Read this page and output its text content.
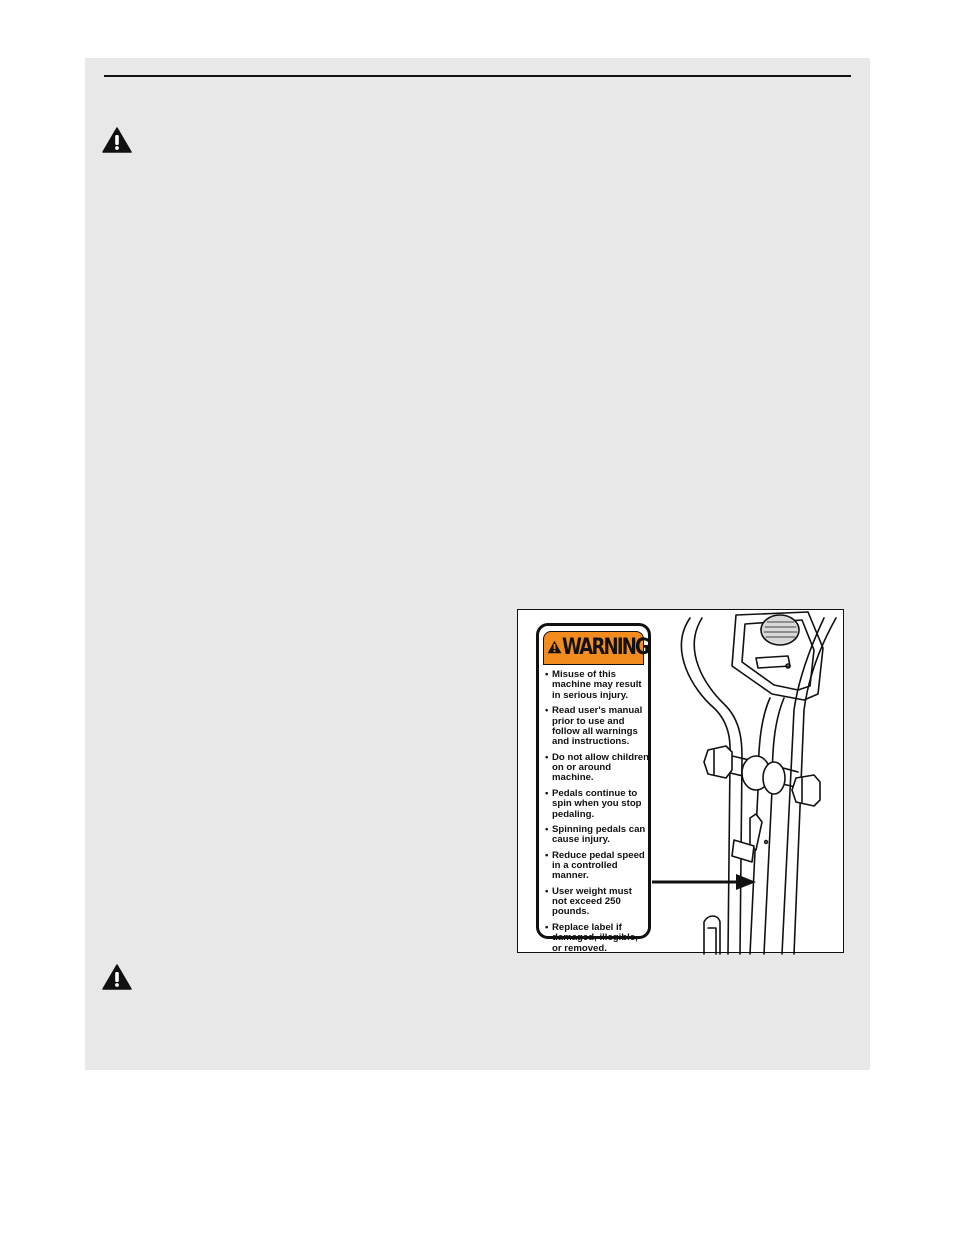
WARNING
• Misuse of this machine may result in serious injury.
• Read user's manual prior to use and follow all warnings and instructions.
• Do not allow children on or around machine.
• Pedals continue to spin when you stop pedaling.
• Spinning pedals can cause injury.
• Reduce pedal speed in a controlled manner.
• User weight must not exceed 250 pounds.
• Replace label if damaged, illegible, or removed.
